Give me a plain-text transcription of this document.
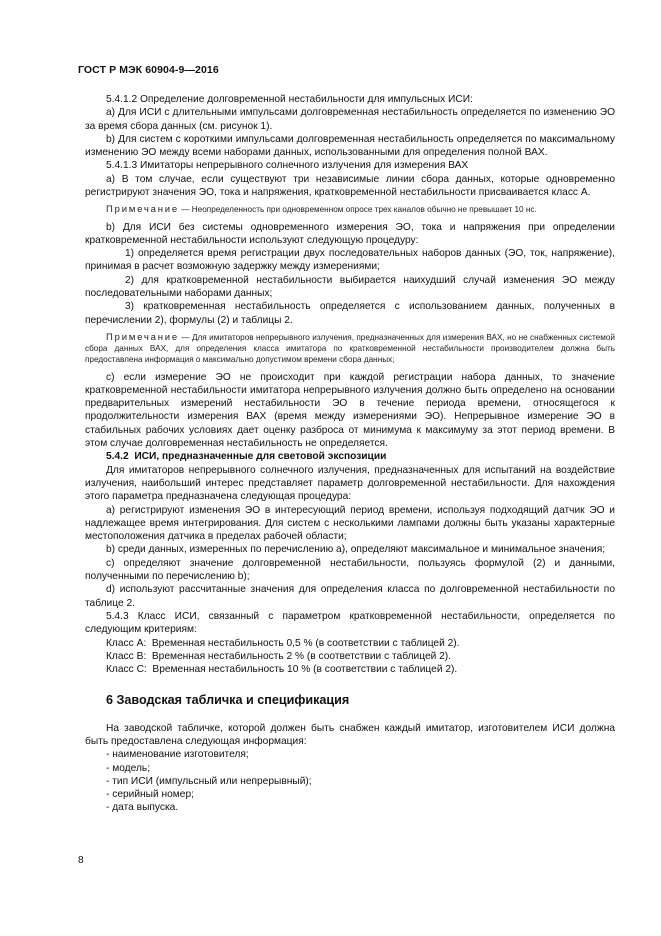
ГОСТ Р МЭК 60904-9—2016

5.4.1.2 Определение долговременной нестабильности для импульсных ИСИ:

a) Для ИСИ с длительными импульсами долговременная нестабильность определяется по изменению ЭО за время сбора данных (см. рисунок 1).

b) Для систем с короткими импульсами долговременная нестабильность определяется по максимальному изменению ЭО между всеми наборами данных, использованными для определения полной ВАХ.

5.4.1.3 Имитаторы непрерывного солнечного излучения для измерения ВАХ

a) В том случае, если существуют три независимые линии сбора данных, которые одновременно регистрируют значения ЭО, тока и напряжения, кратковременной нестабильности присваивается класс А.

Примечание — Неопределенность при одновременном опросе трех каналов обычно не превышает 10 нс.

b) Для ИСИ без системы одновременного измерения ЭО, тока и напряжения при определении кратковременной нестабильности используют следующую процедуру:

1) определяется время регистрации двух последовательных наборов данных (ЭО, ток, напряжение), принимая в расчет возможную задержку между измерениями;

2) для кратковременной нестабильности выбирается наихудший случай изменения ЭО между последовательными наборами данных;

3) кратковременная нестабильность определяется с использованием данных, полученных в перечислении 2), формулы (2) и таблицы 2.

Примечание — Для имитаторов непрерывного излучения, предназначенных для измерения ВАХ, но не снабженных системой сбора данных ВАХ, для определения класса имитатора по кратковременной нестабильности производителем должна быть предоставлена информация о максимально допустимом времени сбора данных;

c) если измерение ЭО не происходит при каждой регистрации набора данных, то значение кратковременной нестабильности имитатора непрерывного излучения должно быть определено на основании предварительных измерений нестабильности ЭО в течение периода времени, относящегося к продолжительности измерения ВАХ (время между измерениями ЭО). Непрерывное измерение ЭО в стабильных рабочих условиях дает оценку разброса от минимума к максимуму за этот период времени. В этом случае долговременная нестабильность не определяется.

5.4.2 ИСИ, предназначенные для световой экспозиции

Для имитаторов непрерывного солнечного излучения, предназначенных для испытаний на воздействие излучения, наибольший интерес представляет параметр долговременной нестабильности. Для нахождения этого параметра предназначена следующая процедура:

a) регистрируют изменения ЭО в интересующий период времени, используя подходящий датчик ЭО и надлежащее время интегрирования. Для систем с несколькими лампами должны быть указаны характерные местоположения датчика в пределах рабочей области;

b) среди данных, измеренных по перечислению a), определяют максимальное и минимальное значения;

c) определяют значение долговременной нестабильности, пользуясь формулой (2) и данными, полученными по перечислению b);

d) используют рассчитанные значения для определения класса по долговременной нестабильности по таблице 2.

5.4.3 Класс ИСИ, связанный с параметром кратковременной нестабильности, определяется по следующим критериям:

Класс A: Временная нестабильность 0,5 % (в соответствии с таблицей 2).

Класс B: Временная нестабильность 2 % (в соответствии с таблицей 2).

Класс C: Временная нестабильность 10 % (в соответствии с таблицей 2).

6 Заводская табличка и спецификация

На заводской табличке, которой должен быть снабжен каждый имитатор, изготовителем ИСИ должна быть предоставлена следующая информация:

- наименование изготовителя;
- модель;
- тип ИСИ (импульсный или непрерывный);
- серийный номер;
- дата выпуска.
8
